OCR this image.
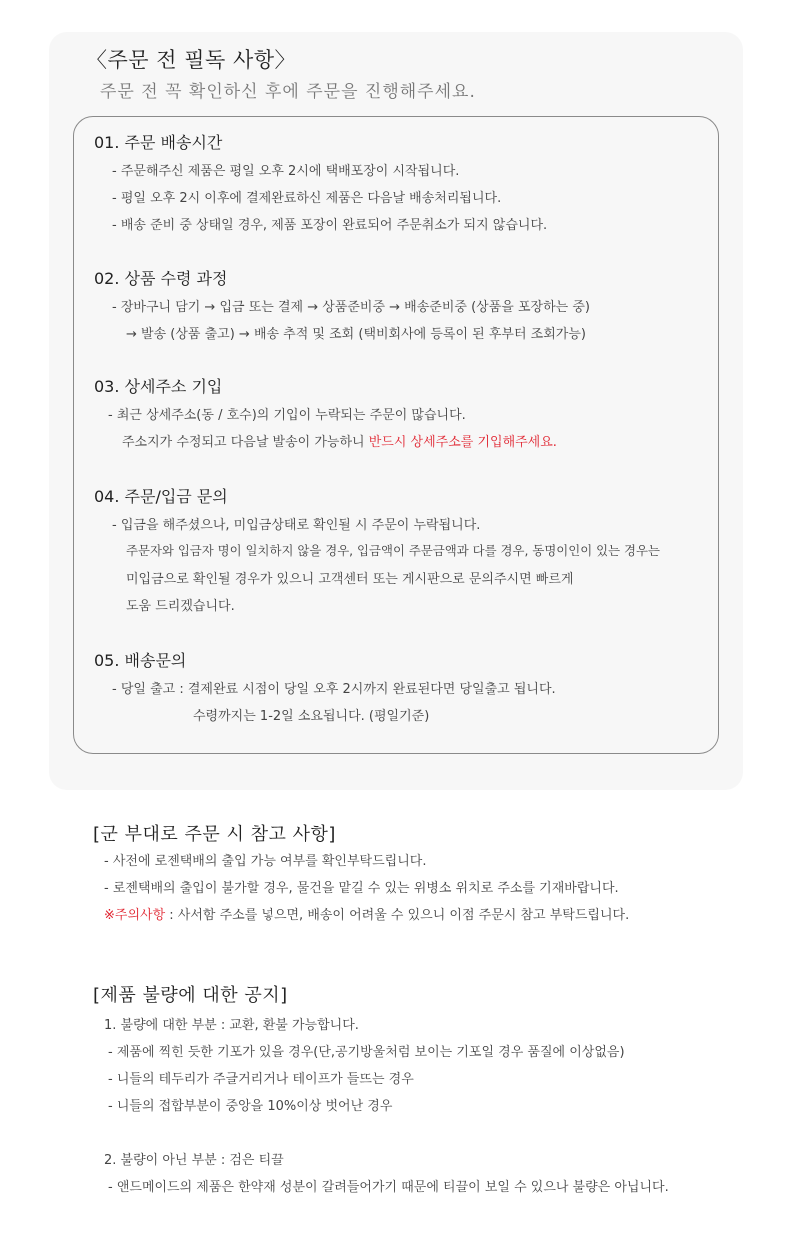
〈주문 전 필독 사항〉
주문 전 꼭 확인하신 후에 주문을 진행해주세요.
01. 주문 배송시간
- 주문해주신 제품은 평일 오후 2시에 택배포장이 시작됩니다.
- 평일 오후 2시 이후에 결제완료하신 제품은 다음날 배송처리됩니다.
- 배송 준비 중 상태일 경우, 제품 포장이 완료되어 주문취소가 되지 않습니다.
02. 상품 수령 과정
- 장바구니 담기 → 입금 또는 결제 → 상품준비중 → 배송준비중 (상품을 포장하는 중)
→ 발송 (상품 출고) → 배송 추적 및 조회 (택비회사에 등록이 된 후부터 조회가능)
03. 상세주소 기입
- 최근 상세주소(동 / 호수)의 기입이 누락되는 주문이 많습니다.
주소지가 수정되고 다음날 발송이 가능하니 반드시 상세주소를 기입해주세요.
04. 주문/입금 문의
- 입금을 해주셨으나, 미입금상태로 확인될 시 주문이 누락됩니다.
주문자와 입금자 명이 일치하지 않을 경우, 입금액이 주문금액과 다를 경우, 동명이인이 있는 경우는
미입금으로 확인될 경우가 있으니 고객센터 또는 게시판으로 문의주시면 빠르게
도움 드리겠습니다.
05. 배송문의
- 당일 출고 : 결제완료 시점이 당일 오후 2시까지 완료된다면 당일출고 됩니다.
수령까지는 1-2일 소요됩니다. (평일기준)
[군 부대로 주문 시 참고 사항]
- 사전에 로젠택배의 출입 가능 여부를 확인부탁드립니다.
- 로젠택배의 출입이 불가할 경우, 물건을 맡길 수 있는 위병소 위치로 주소를 기재바랍니다.
※주의사항 : 사서함 주소를 넣으면, 배송이 어려울 수 있으니 이점 주문시 참고 부탁드립니다.
[제품 불량에 대한 공지]
1. 불량에 대한 부분 : 교환, 환불 가능합니다.
- 제품에 찍힌 듯한 기포가 있을 경우(단,공기방울처럼 보이는 기포일 경우 품질에 이상없음)
- 니들의 테두리가 주글거리거나 테이프가 들뜨는 경우
- 니들의 접합부분이 중앙을 10%이상 벗어난 경우
2. 불량이 아닌 부분 : 검은 티끌
- 앤드메이드의 제품은 한약재 성분이 갈려들어가기 때문에 티끌이 보일 수 있으나 불량은 아닙니다.
